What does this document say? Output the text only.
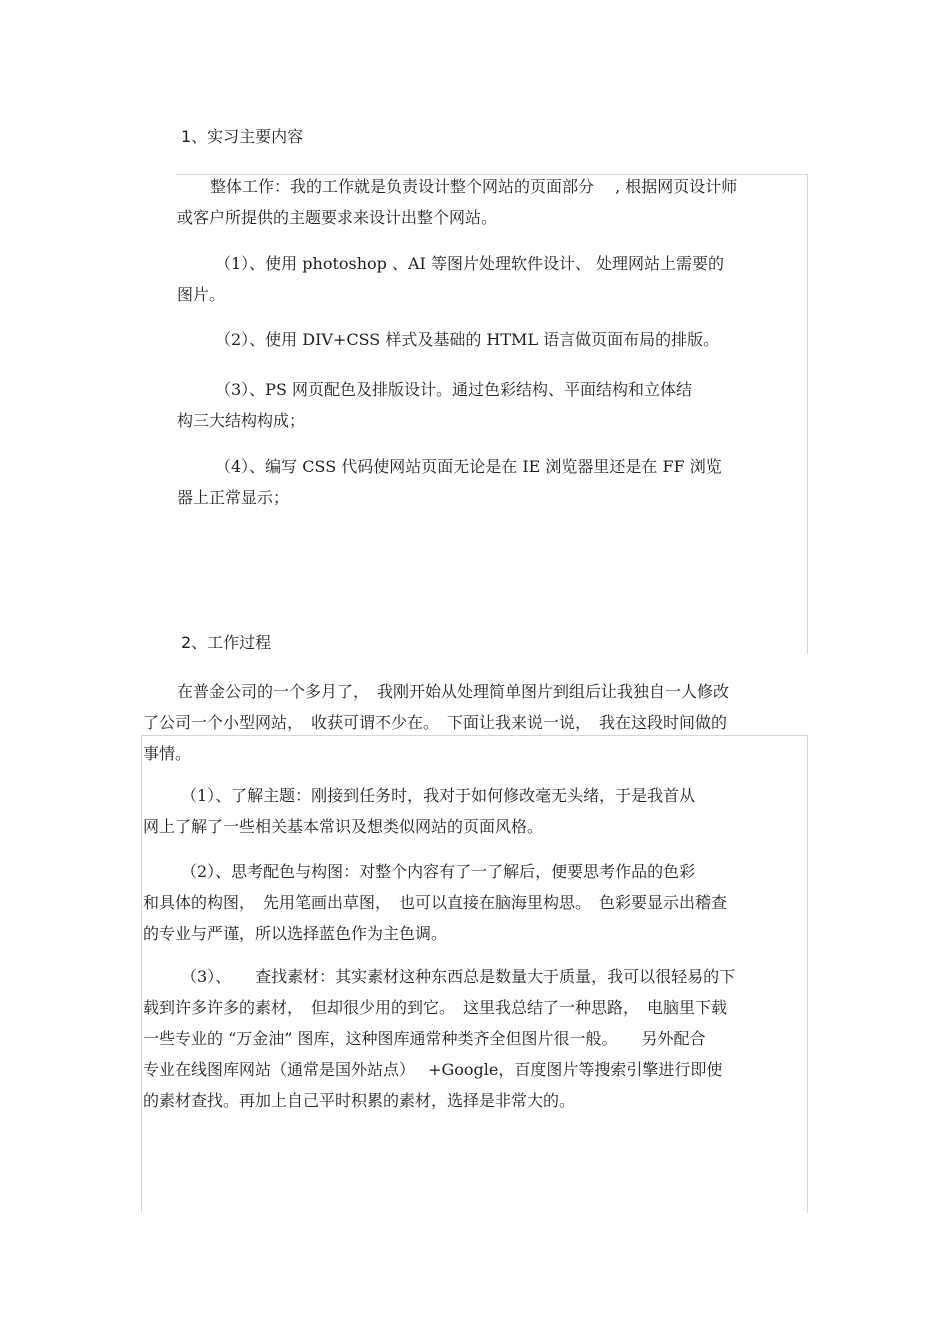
1、实习主要内容
整体工作：我的工作就是负责设计整个网站的页面部分　 , 根据网页设计师
或客户所提供的主题要求来设计出整个网站。
（1）、使用 photoshop 、AI 等图片处理软件设计、 处理网站上需要的
图片。
（2）、使用 DIV+CSS 样式及基础的 HTML 语言做页面布局的排版。
（3）、PS 网页配色及排版设计。通过色彩结构、平面结构和立体结
构三大结构构成；
（4）、编写 CSS 代码使网站页面无论是在 IE 浏览器里还是在 FF 浏览
器上正常显示；
2、工作过程
在普金公司的一个多月了，　我刚开始从处理简单图片到组后让我独自一人修改
了公司一个小型网站，　收获可谓不少在。　下面让我来说一说，　我在这段时间做的
事情。
（1）、了解主题：刚接到任务时，我对于如何修改毫无头绪，于是我首从
网上了解了一些相关基本常识及想类似网站的页面风格。
（2）、思考配色与构图：对整个内容有了一了解后，便要思考作品的色彩
和具体的构图，　先用笔画出草图，　也可以直接在脑海里构思。　色彩要显示出稽查
的专业与严谨，所以选择蓝色作为主色调。
（3）、　　查找素材：其实素材这种东西总是数量大于质量，我可以很轻易的下
载到许多许多的素材，　但却很少用的到它。　这里我总结了一种思路，　电脑里下载
一些专业的 “万金油” 图库，这种图库通常种类齐全但图片很一般。　　另外配合
专业在线图库网站（通常是国外站点）　 +Google，百度图片等搜索引擎进行即使
的素材查找。再加上自己平时积累的素材，选择是非常大的。
